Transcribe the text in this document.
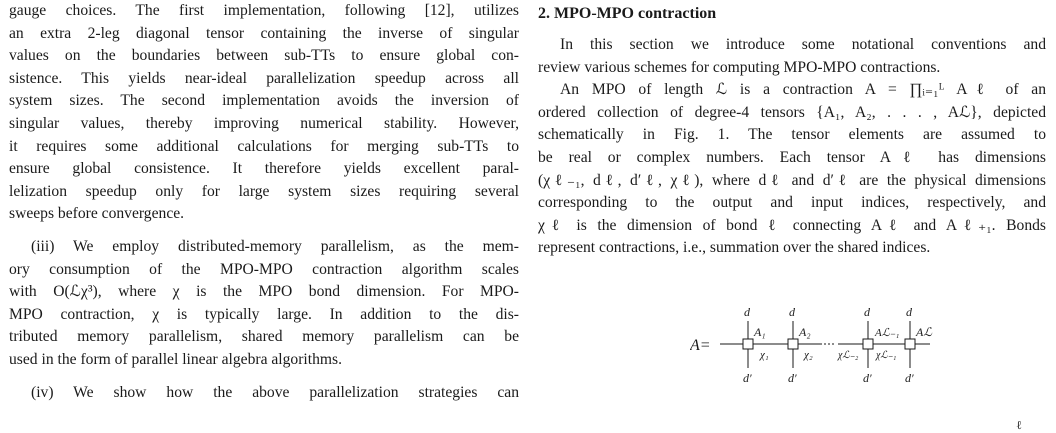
gauge choices. The first implementation, following [12], utilizes

an extra 2-leg diagonal tensor containing the inverse of singular

values on the boundaries between sub-TTs to ensure global con-

sistence. This yields near-ideal parallelization speedup across all

system sizes. The second implementation avoids the inversion of

singular values, thereby improving numerical stability. However,

it requires some additional calculations for merging sub-TTs to

ensure global consistence. It therefore yields excellent paral-

lelization speedup only for large system sizes requiring several

sweeps before convergence.

(iii) We employ distributed-memory parallelism, as the mem-

ory consumption of the MPO-MPO contraction algorithm scales

with O(ℒχ³), where χ is the MPO bond dimension. For MPO-

MPO contraction, χ is typically large. In addition to the dis-

tributed memory parallelism, shared memory parallelism can be

used in the form of parallel linear algebra algorithms.

(iv) We show how the above parallelization strategies can

2. MPO-MPO contraction

In this section we introduce some notational conventions and

review various schemes for computing MPO-MPO contractions.

An MPO of length ℒ is a contraction A = ∏ᵢ₌₁ᴸ Aℓ of an

ordered collection of degree-4 tensors {A₁, A₂, . . . , Aℒ}, depicted

schematically in Fig. 1. The tensor elements are assumed to

be real or complex numbers. Each tensor Aℓ has dimensions

(χℓ₋₁, dℓ, d′ℓ, χℓ), where dℓ and d′ℓ are the physical dimensions

corresponding to the output and input indices, respectively, and

χℓ is the dimension of bond ℓ connecting Aℓ and Aℓ₊₁. Bonds

represent contractions, i.e., summation over the shared indices.

A=
d
d′
A₁
χ₁
d
d′
A₂
χ₂	χℒ₋₂
d
d′
Aℒ₋₁
χℒ₋₁
d
d′
Aℒ
ℓ
